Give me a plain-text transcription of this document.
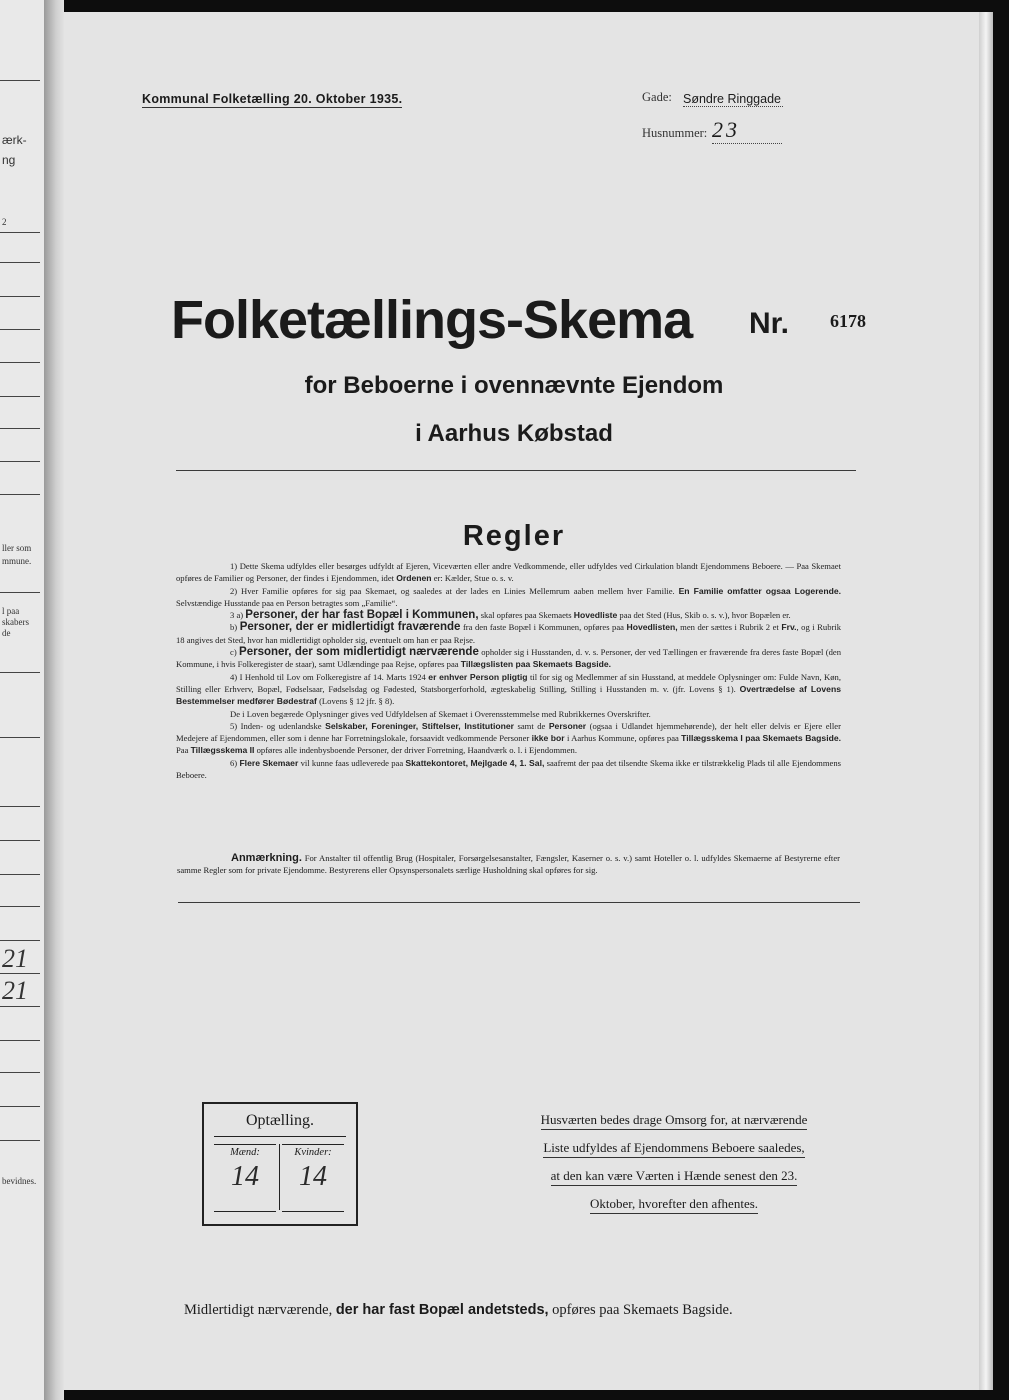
ærk-
ng
2
ller som
mmune.
l paa
skabers
de
21
21
bevidnes.
Kommunal Folketælling 20. Oktober 1935.	Gade: Søndre Ringgade
Husnummer: 23
Folketællings-Skema Nr. 6178
for Beboerne i ovennævnte Ejendom
i Aarhus Købstad
Regler

1) Dette Skema udfyldes eller besørges udfyldt af Ejeren, Viceværten eller andre Vedkommende, eller udfyldes ved Cirkulation blandt Ejendommens Beboere. — Paa Skemaet opføres de Familier og Personer, der findes i Ejendommen, idet Ordenen er: Kælder, Stue o. s. v.

2) Hver Familie opføres for sig paa Skemaet, og saaledes at der lades en Linies Mellemrum aaben mellem hver Familie. En Familie omfatter ogsaa Logerende. Selvstændige Husstande paa en Person betragtes som „Familie“.

3 a) Personer, der har fast Bopæl i Kommunen, skal opføres paa Skemaets Hovedliste paa det Sted (Hus, Skib o. s. v.), hvor Bopælen er.

b) Personer, der er midlertidigt fraværende fra den faste Bopæl i Kommunen, opføres paa Hovedlisten, men der sættes i Rubrik 2 et Frv., og i Rubrik 18 angives det Sted, hvor han midlertidigt opholder sig, eventuelt om han er paa Rejse.

c) Personer, der som midlertidigt nærværende opholder sig i Husstanden, d. v. s. Personer, der ved Tællingen er fraværende fra deres faste Bopæl (den Kommune, i hvis Folkeregister de staar), samt Udlændinge paa Rejse, opføres paa Tillægslisten paa Skemaets Bagside.

4) I Henhold til Lov om Folkeregistre af 14. Marts 1924 er enhver Person pligtig til for sig og Medlemmer af sin Husstand, at meddele Oplysninger om: Fulde Navn, Køn, Stilling eller Erhverv, Bopæl, Fødselsaar, Fødselsdag og Fødested, Statsborgerforhold, ægteskabelig Stilling, Stilling i Husstanden m. v. (jfr. Lovens § 1). Overtrædelse af Lovens Bestemmelser medfører Bødestraf (Lovens § 12 jfr. § 8).

De i Loven begærede Oplysninger gives ved Udfyldelsen af Skemaet i Overensstemmelse med Rubrikkernes Overskrifter.

5) Inden- og udenlandske Selskaber, Foreninger, Stiftelser, Institutioner samt de Personer (ogsaa i Udlandet hjemmehørende), der helt eller delvis er Ejere eller Medejere af Ejendommen, eller som i denne har Forretningslokale, forsaavidt vedkommende Personer ikke bor i Aarhus Kommune, opføres paa Tillægsskema I paa Skemaets Bagside. Paa Tillægsskema II opføres alle indenbysboende Personer, der driver Forretning, Haandværk o. l. i Ejendommen.

6) Flere Skemaer vil kunne faas udleverede paa Skattekontoret, Mejlgade 4, 1. Sal, saafremt der paa det tilsendte Skema ikke er tilstrækkelig Plads til alle Ejendommens Beboere.

Anmærkning. For Anstalter til offentlig Brug (Hospitaler, Forsørgelsesanstalter, Fængsler, Kaserner o. s. v.) samt Hoteller o. l. udfyldes Skemaerne af Bestyrerne efter samme Regler som for private Ejendomme. Bestyrerens eller Opsynspersonalets særlige Husholdning skal opføres for sig.
Optælling.
Mænd:
14
Kvinder:
14
Husværten bedes drage Omsorg for, at nærværende
Liste udfyldes af Ejendommens Beboere saaledes,
at den kan være Værten i Hænde senest den 23.
Oktober, hvorefter den afhentes.
Midlertidigt nærværende, der har fast Bopæl andetsteds, opføres paa Skemaets Bagside.
